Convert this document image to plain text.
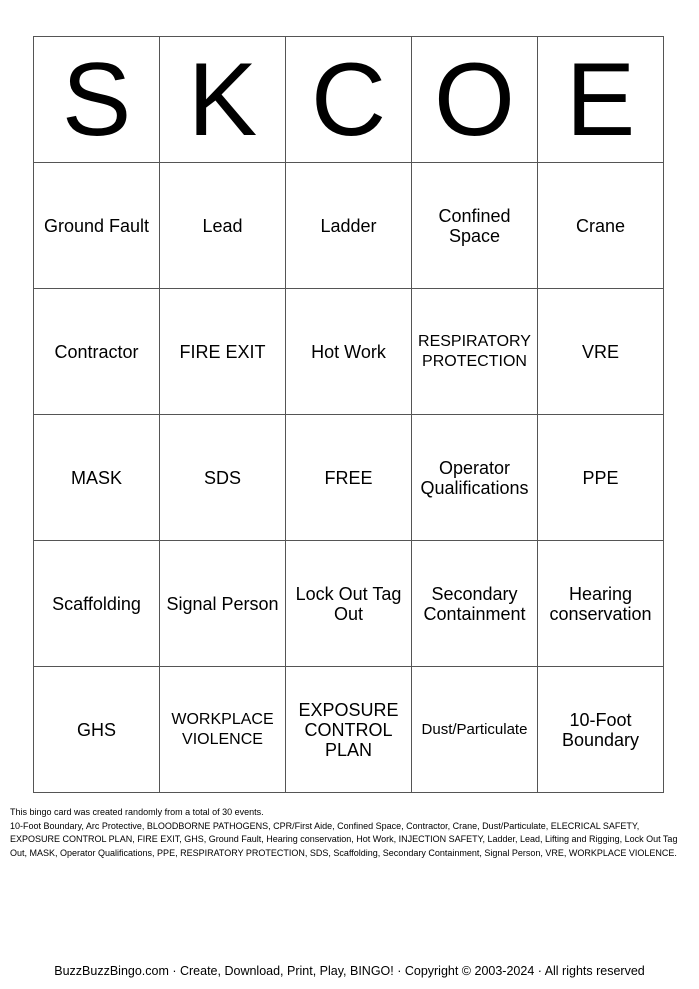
S	K	C	O	E
Ground Fault	Lead	Ladder	Confined Space	Crane
Contractor	FIRE EXIT	Hot Work	RESPIRATORY PROTECTION	VRE
MASK	SDS	FREE	Operator Qualifications	PPE
Scaffolding	Signal Person	Lock Out Tag Out	Secondary Containment	Hearing conservation
GHS	WORKPLACE VIOLENCE	EXPOSURE CONTROL PLAN	Dust/Particulate	10-Foot Boundary

This bingo card was created randomly from a total of 30 events.

10-Foot Boundary, Arc Protective, BLOODBORNE PATHOGENS, CPR/First Aide, Confined Space, Contractor, Crane, Dust/Particulate, ELECRICAL SAFETY, EXPOSURE CONTROL PLAN, FIRE EXIT, GHS, Ground Fault, Hearing conservation, Hot Work, INJECTION SAFETY, Ladder, Lead, Lifting and Rigging, Lock Out Tag Out, MASK, Operator Qualifications, PPE, RESPIRATORY PROTECTION, SDS, Scaffolding, Secondary Containment, Signal Person, VRE, WORKPLACE VIOLENCE.

BuzzBuzzBingo.com · Create, Download, Print, Play, BINGO! · Copyright © 2003-2024 · All rights reserved
